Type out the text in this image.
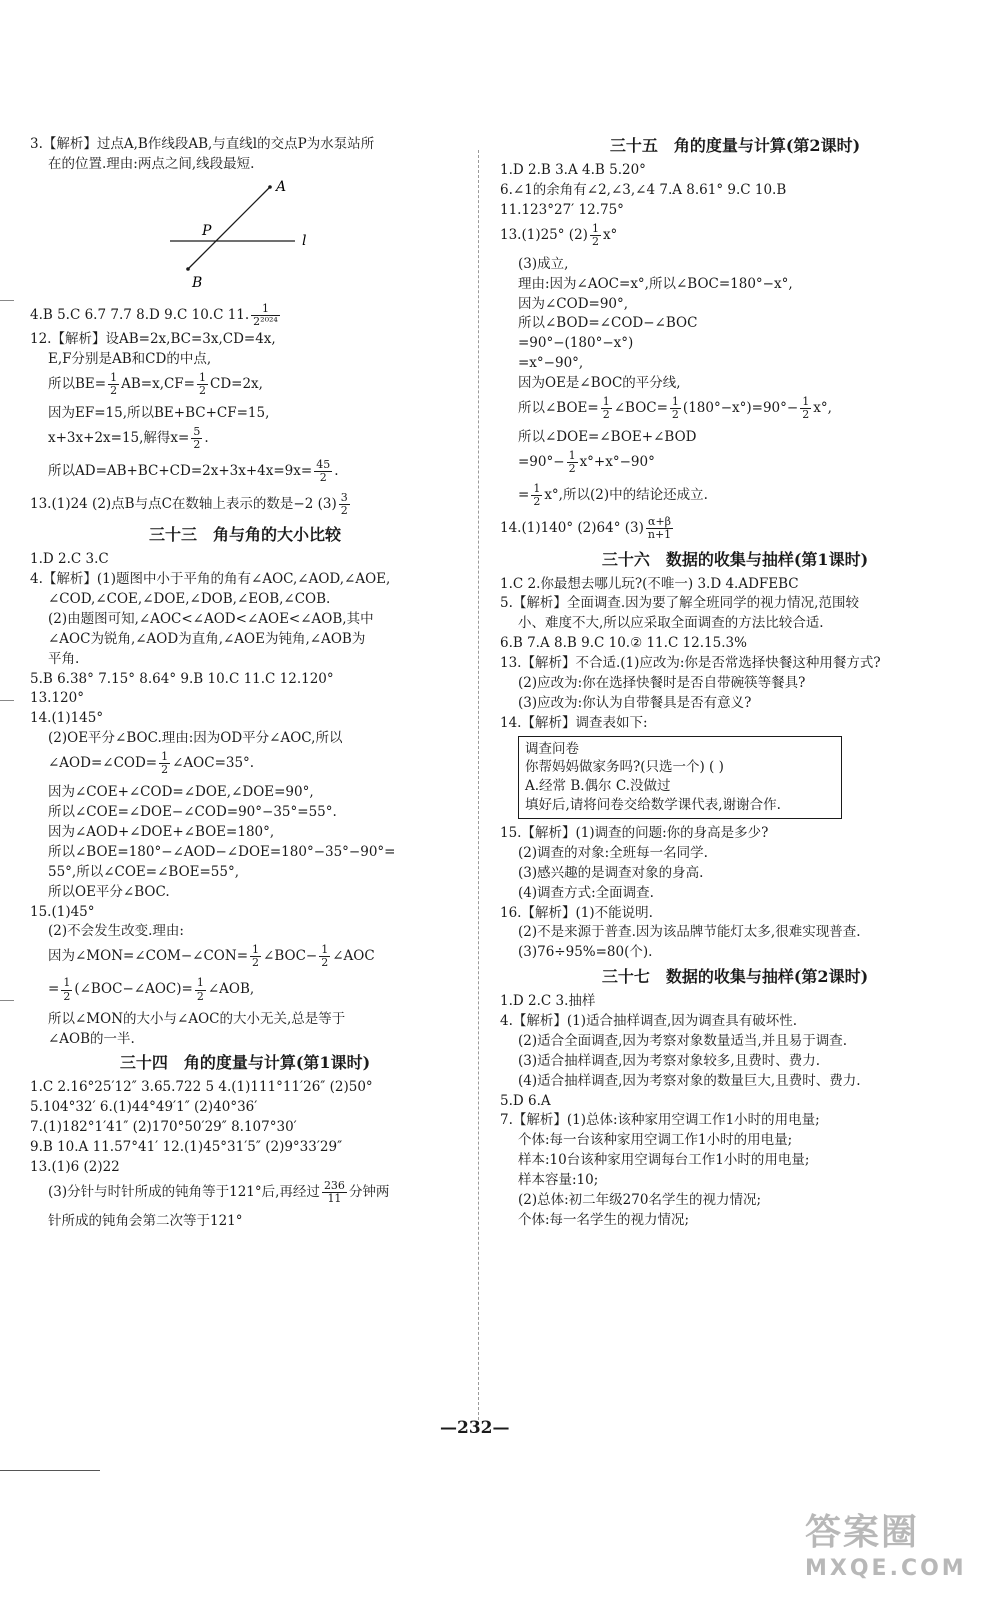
3.【解析】过点A,B作线段AB,与直线l的交点P为水泵站所
在的位置.理由:两点之间,线段最短.
A
B
P
l
4.B 5.C 6.7 7.7 8.D 9.C 10.C 11. $\frac{1}{\text{2²⁰²⁴}}$
12.【解析】设AB=2x,BC=3x,CD=4x,
E,F分别是AB和CD的中点,
所以$BE= \frac{1}{2} AB=x,CF= \frac{1}{2} CD=2x$,
因为EF=15,所以BE+BC+CF=15,
x+3x+2x=15,解得$x= \frac{5}{2}$ .
所以$AD=AB+BC+CD=2x+3x+4x=9x= \frac{45}{2}$ .
13.(1)24 (2)点B与点C在数轴上表示的数是−2 $(3) \frac{3}{2}$
三十三　角与角的大小比较
1.D 2.C 3.C
4.【解析】(1)题图中小于平角的角有∠AOC,∠AOD,∠AOE,
∠COD,∠COE,∠DOE,∠DOB,∠EOB,∠COB.
(2)由题图可知,∠AOC<∠AOD<∠AOE<∠AOB,其中
∠AOC为锐角,∠AOD为直角,∠AOE为钝角,∠AOB为
平角.
5.B 6.38° 7.15° 8.64° 9.B 10.C 11.C 12.120°
13.120°
14.(1)145°
(2)OE平分∠BOC.理由:因为OD平分∠AOC,所以
∠AOD=∠COD= $\frac{1}{2}$ ∠AOC=35°.
因为∠COE+∠COD=∠DOE,∠DOE=90°,
所以∠COE=∠DOE−∠COD=90°−35°=55°.
因为∠AOD+∠DOE+∠BOE=180°,
所以∠BOE=180°−∠AOD−∠DOE=180°−35°−90°=
55°,所以∠COE=∠BOE=55°,
所以OE平分∠BOC.
15.(1)45°
(2)不会发生改变.理由:
因为∠MON=∠COM−∠CON= $\frac{1}{2}$ ∠BOC− $\frac{1}{2}$ ∠AOC
= $\frac{1}{2}$ (∠BOC−∠AOC)= $\frac{1}{2}$ ∠AOB,
所以∠MON的大小与∠AOC的大小无关,总是等于
∠AOB的一半.
三十四　角的度量与计算(第1课时)
1.C 2.16°25′12″ 3.65.722 5 4.(1)111°11′26″ (2)50°
5.104°32′ 6.(1)44°49′1″ (2)40°36′
7.(1)182°1′41″ (2)170°50′29″ 8.107°30′
9.B 10.A 11.57°41′ 12.(1)45°31′5″ (2)9°33′29″
13.(1)6 (2)22
(3)分针与时针所成的钝角等于121°后,再经过 $\frac{236}{11}$ 分钟两
针所成的钝角会第二次等于121°
三十五　角的度量与计算(第2课时)
1.D 2.B 3.A 4.B 5.20°
6.∠1的余角有∠2,∠3,∠4 7.A 8.61° 9.C 10.B
11.123°27′ 12.75°
13.(1)25° $(2) \frac{1}{2} x^\circ$
(3)成立,
理由:因为∠AOC=x°,所以∠BOC=180°−x°,
因为∠COD=90°,
所以∠BOD=∠COD−∠BOC
=90°−(180°−x°)
=x°−90°,
因为OE是∠BOC的平分线,
所以∠BOE= $\frac{1}{2}$ ∠BOC= $\frac{1}{2} (180^\circ-x^\circ)=90^\circ- \frac{1}{2} x^\circ$,
所以∠DOE=∠BOE+∠BOD
$=90^\circ- \frac{1}{2} x^\circ+x^\circ-90^\circ$
= $\frac{1}{2} x^\circ$,所以(2)中的结论还成立.
14.(1)140° (2)64° $(3) \frac{\alpha+\beta}{n+1}$
三十六　数据的收集与抽样(第1课时)
1.C 2.你最想去哪儿玩?(不唯一) 3.D 4.ADFEBC
5.【解析】全面调查.因为要了解全班同学的视力情况,范围较
小、难度不大,所以应采取全面调查的方法比较合适.
6.B 7.A 8.B 9.C 10.② 11.C 12.15.3%
13.【解析】不合适.(1)应改为:你是否常选择快餐这种用餐方式?
(2)应改为:你在选择快餐时是否自带碗筷等餐具?
(3)应改为:你认为自带餐具是否有意义?
14.【解析】调查表如下:
调查问卷
你帮妈妈做家务吗?(只选一个) ( )
A.经常 B.偶尔 C.没做过
填好后,请将问卷交给数学课代表,谢谢合作.
15.【解析】(1)调查的问题:你的身高是多少?
(2)调查的对象:全班每一名同学.
(3)感兴趣的是调查对象的身高.
(4)调查方式:全面调查.
16.【解析】(1)不能说明.
(2)不是来源于普查.因为该品牌节能灯太多,很难实现普查.
(3)76÷95%=80(个).
三十七　数据的收集与抽样(第2课时)
1.D 2.C 3.抽样
4.【解析】(1)适合抽样调查,因为调查具有破坏性.
(2)适合全面调查,因为考察对象数量适当,并且易于调查.
(3)适合抽样调查,因为考察对象较多,且费时、费力.
(4)适合抽样调查,因为考察对象的数量巨大,且费时、费力.
5.D 6.A
7.【解析】(1)总体:该种家用空调工作1小时的用电量;
个体:每一台该种家用空调工作1小时的用电量;
样本:10台该种家用空调每台工作1小时的用电量;
样本容量:10;
(2)总体:初二年级270名学生的视力情况;
个体:每一名学生的视力情况;
—232—
答案圈
MXQE.COM
